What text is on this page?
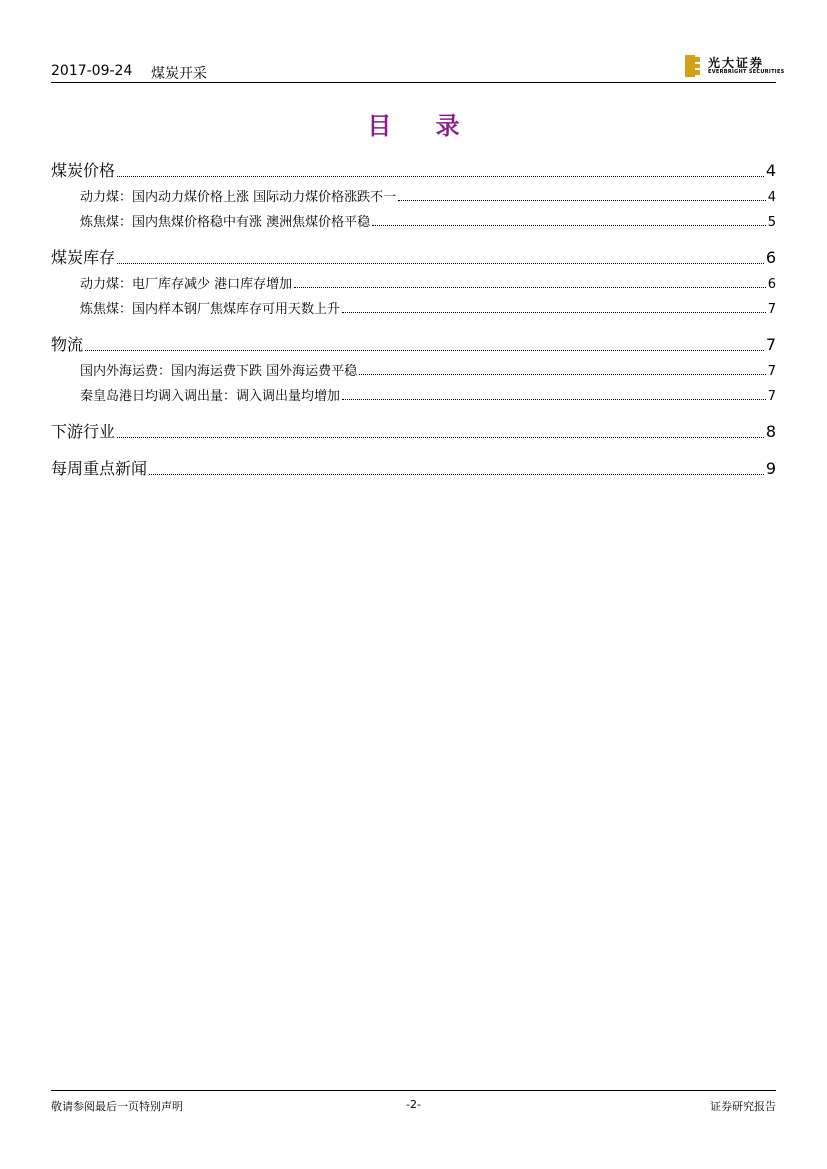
2017-09-24 煤炭开采
光大证券
EVERBRIGHT SECURITIES
目 录
煤炭价格	4
动力煤：国内动力煤价格上涨 国际动力煤价格涨跌不一	4
炼焦煤：国内焦煤价格稳中有涨 澳洲焦煤价格平稳	5
煤炭库存	6
动力煤：电厂库存减少 港口库存增加	6
炼焦煤：国内样本钢厂焦煤库存可用天数上升	7
物流	7
国内外海运费：国内海运费下跌 国外海运费平稳	7
秦皇岛港日均调入调出量：调入调出量均增加	7
下游行业	8
每周重点新闻	9
敬请参阅最后一页特别声明	-2-	证券研究报告
